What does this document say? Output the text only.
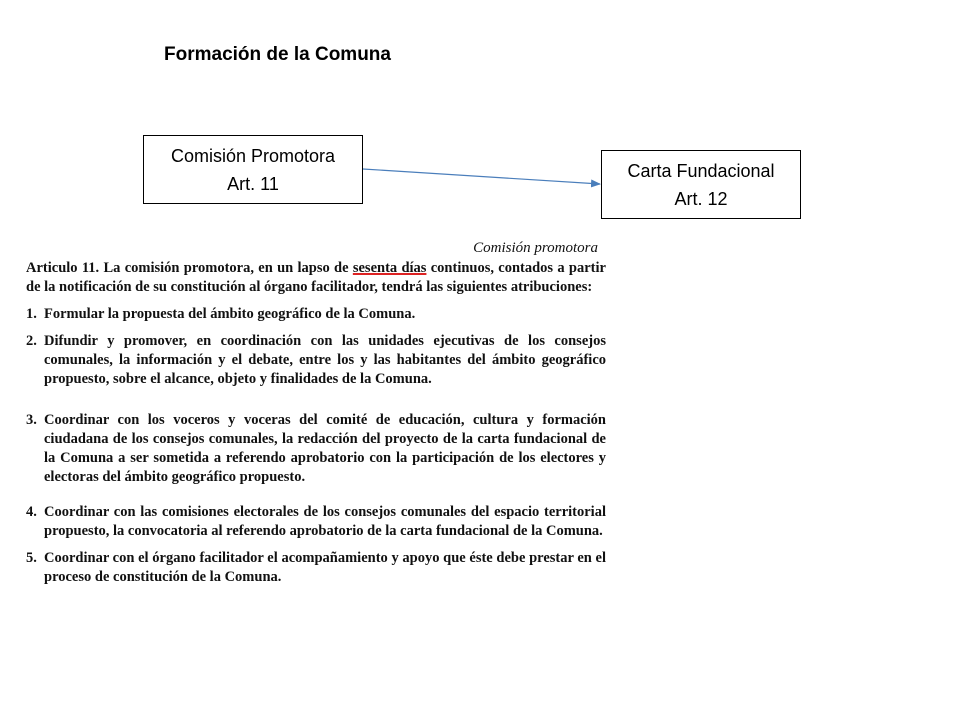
Formación de la Comuna
Comisión Promotora
Art. 11
Carta Fundacional
Art. 12
Comisión promotora

Articulo 11. La comisión promotora, en un lapso de sesenta días continuos, contados a partir de la notificación de su constitución al órgano facilitador, tendrá las siguientes atribuciones:

1. Formular la propuesta del ámbito geográfico de la Comuna.
2. Difundir y promover, en coordinación con las unidades ejecutivas de los consejos comunales, la información y el debate, entre los y las habitantes del ámbito geográfico propuesto, sobre el alcance, objeto y finalidades de la Comuna.
3. Coordinar con los voceros y voceras del comité de educación, cultura y formación ciudadana de los consejos comunales, la redacción del proyecto de la carta fundacional de la Comuna a ser sometida a referendo aprobatorio con la participación de los electores y electoras del ámbito geográfico propuesto.
4. Coordinar con las comisiones electorales de los consejos comunales del espacio territorial propuesto, la convocatoria al referendo aprobatorio de la carta fundacional de la Comuna.
5. Coordinar con el órgano facilitador el acompañamiento y apoyo que éste debe prestar en el proceso de constitución de la Comuna.
